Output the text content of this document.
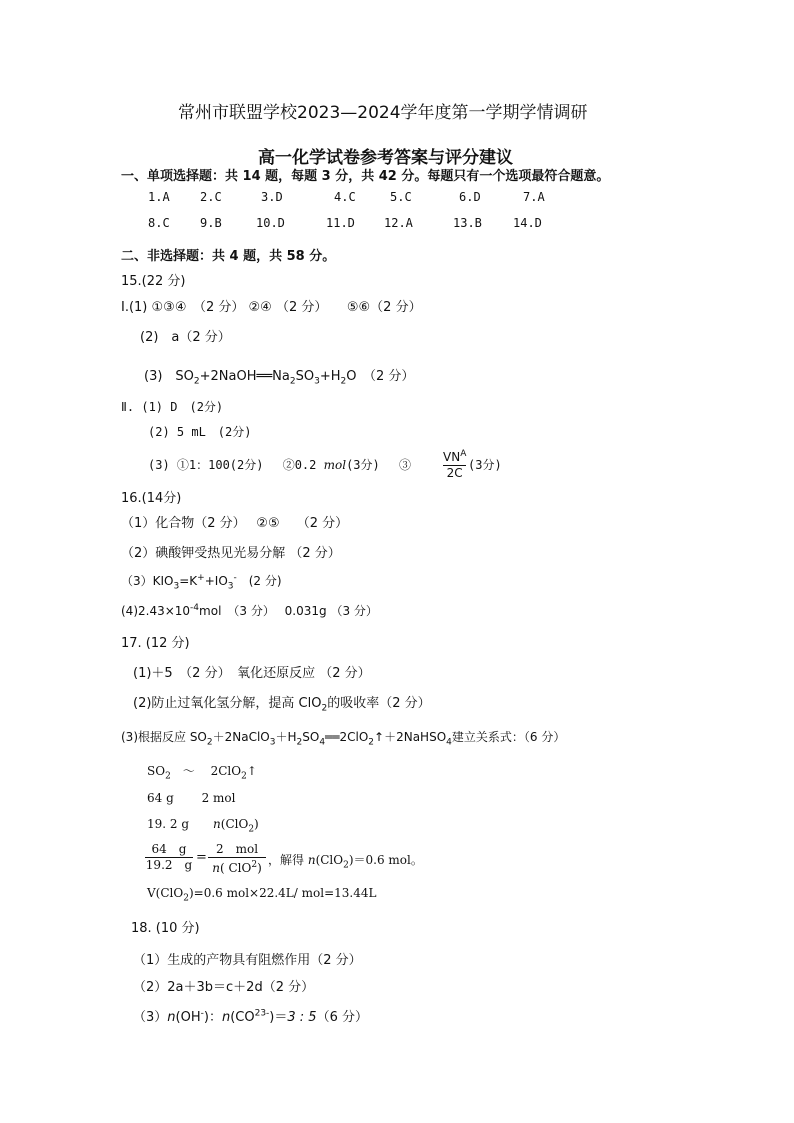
常州市联盟学校2023—2024学年度第一学期学情调研
高一化学试卷参考答案与评分建议
一、单项选择题：共 14 题，每题 3 分，共 42 分。每题只有一个选项最符合题意。
1.A	2.C	3.D	4.C	5.C	6.D	7.A
8.C	9.B	10.D	11.D 12.A	13.B	14.D
二、非选择题：共 4 题，共 58 分。
15.(22 分)
Ⅰ.(1) ①③④　（2 分） ②④ （2 分）　　⑤⑥（2 分）
(2)　a（2 分）
(3)　$SO_2+2NaOH══Na_2SO_3+H_2O$　（2 分）
Ⅱ. (1) D　(2分)
(2) 5 mL　(2分)
(3) ①1：100(2分)　 ②0.2 mol(3分)　 ③
$VN^A$
2C
(3分)
16.(14分)
（1）化合物（2 分）　 ②⑤　 （2 分）
（2）碘酸钾受热见光易分解 （2 分）
$(3)KIO_3=K^++IO_3^-$　(2 分)
$(4)2.43\times 10^{-4}mol$　（3 分）　 0.031g （3 分）
17. (12 分)
(1)＋5　（2 分）　氧化还原反应 （2 分）
(2)防止过氧化氢分解，提高 ClO$_2$的吸收率（2 分）
(3)根据反应 $SO_2+2NaClO_3+H_2SO_4══2ClO_2↑+2NaHSO_4$建立关系式：（6 分）
$SO_2$　～　 2ClO$_2$↑
64 g　　 2 mol
19. 2 g　　n(ClO$_2$)
64　g
19.2　g =
2　mol
n( ClO$^2$)
，解得 n(ClO$_2$)＝0.6 mol。
V(ClO$_2$)=0.6 mol×22.4L/ mol=13.44L
18. (10 分)
（1）生成的产物具有阻燃作用（2 分）
（2）2a＋3b＝c＋2d（2 分）
（3）n(OH-)：$n(CO^{23-})=3$ : 5（6 分）
